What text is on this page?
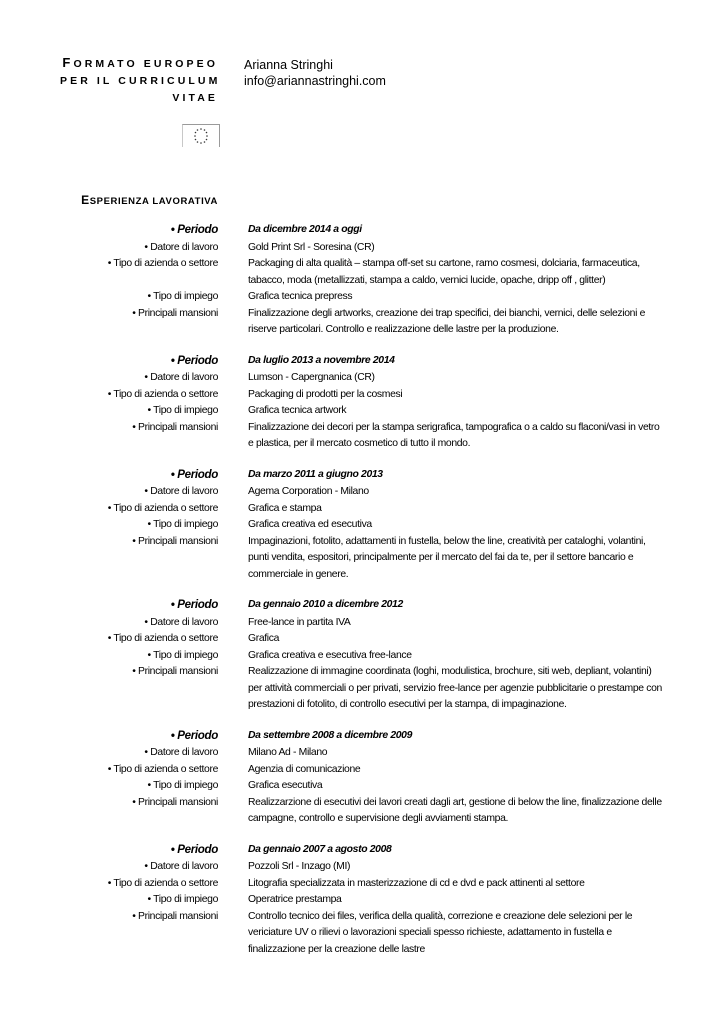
FORMATO EUROPEO
PER IL CURRICULUM
VITAE
Arianna Stringhi
info@ariannastringhi.com
ESPERIENZA LAVORATIVA
• Periodo	Da dicembre 2014 a oggi
• Datore di lavoro	Gold Print Srl - Soresina (CR)
• Tipo di azienda o settore	Packaging di alta qualità – stampa off-set su cartone, ramo cosmesi, dolciaria, farmaceutica, tabacco, moda (metallizzati, stampa a caldo, vernici lucide, opache, dripp off , glitter)
• Tipo di impiego	Grafica tecnica prepress
• Principali mansioni	Finalizzazione degli artworks, creazione dei trap specifici, dei bianchi, vernici, delle selezioni e riserve particolari. Controllo e realizzazione delle lastre per la produzione.
• Periodo	Da luglio 2013 a novembre 2014
• Datore di lavoro	Lumson - Capergnanica (CR)
• Tipo di azienda o settore	Packaging di prodotti per la cosmesi
• Tipo di impiego	Grafica tecnica artwork
• Principali mansioni	Finalizzazione dei decori per la stampa serigrafica, tampografica o a caldo su flaconi/vasi in vetro e plastica, per il mercato cosmetico di tutto il mondo.
• Periodo	Da marzo 2011 a giugno 2013
• Datore di lavoro	Agema Corporation - Milano
• Tipo di azienda o settore	Grafica e stampa
• Tipo di impiego	Grafica creativa ed esecutiva
• Principali mansioni	Impaginazioni, fotolito, adattamenti in fustella, below the line, creatività per cataloghi, volantini, punti vendita, espositori, principalmente per il mercato del fai da te, per il settore bancario e commerciale in genere.
• Periodo	Da gennaio 2010 a dicembre 2012
• Datore di lavoro	Free-lance in partita IVA
• Tipo di azienda o settore	Grafica
• Tipo di impiego	Grafica creativa e esecutiva free-lance
• Principali mansioni	Realizzazione di immagine coordinata (loghi, modulistica, brochure, siti web, depliant, volantini) per attività commerciali o per privati, servizio free-lance per agenzie pubblicitarie o prestampe con prestazioni di fotolito, di controllo esecutivi per la stampa, di impaginazione.
• Periodo	Da settembre 2008 a dicembre 2009
• Datore di lavoro	Milano Ad - Milano
• Tipo di azienda o settore	Agenzia di comunicazione
• Tipo di impiego	Grafica esecutiva
• Principali mansioni	Realizzarzione di esecutivi dei lavori creati dagli art, gestione di below the line, finalizzazione delle campagne, controllo e supervisione degli avviamenti stampa.
• Periodo	Da gennaio 2007 a agosto 2008
• Datore di lavoro	Pozzoli Srl - Inzago (MI)
• Tipo di azienda o settore	Litografia specializzata in masterizzazione di cd e dvd e pack attinenti al settore
• Tipo di impiego	Operatrice prestampa
• Principali mansioni	Controllo tecnico dei files, verifica della qualità, correzione e creazione dele selezioni per le vericiature UV o rilievi o lavorazioni speciali spesso richieste, adattamento in fustella e finalizzazione per la creazione delle lastre
